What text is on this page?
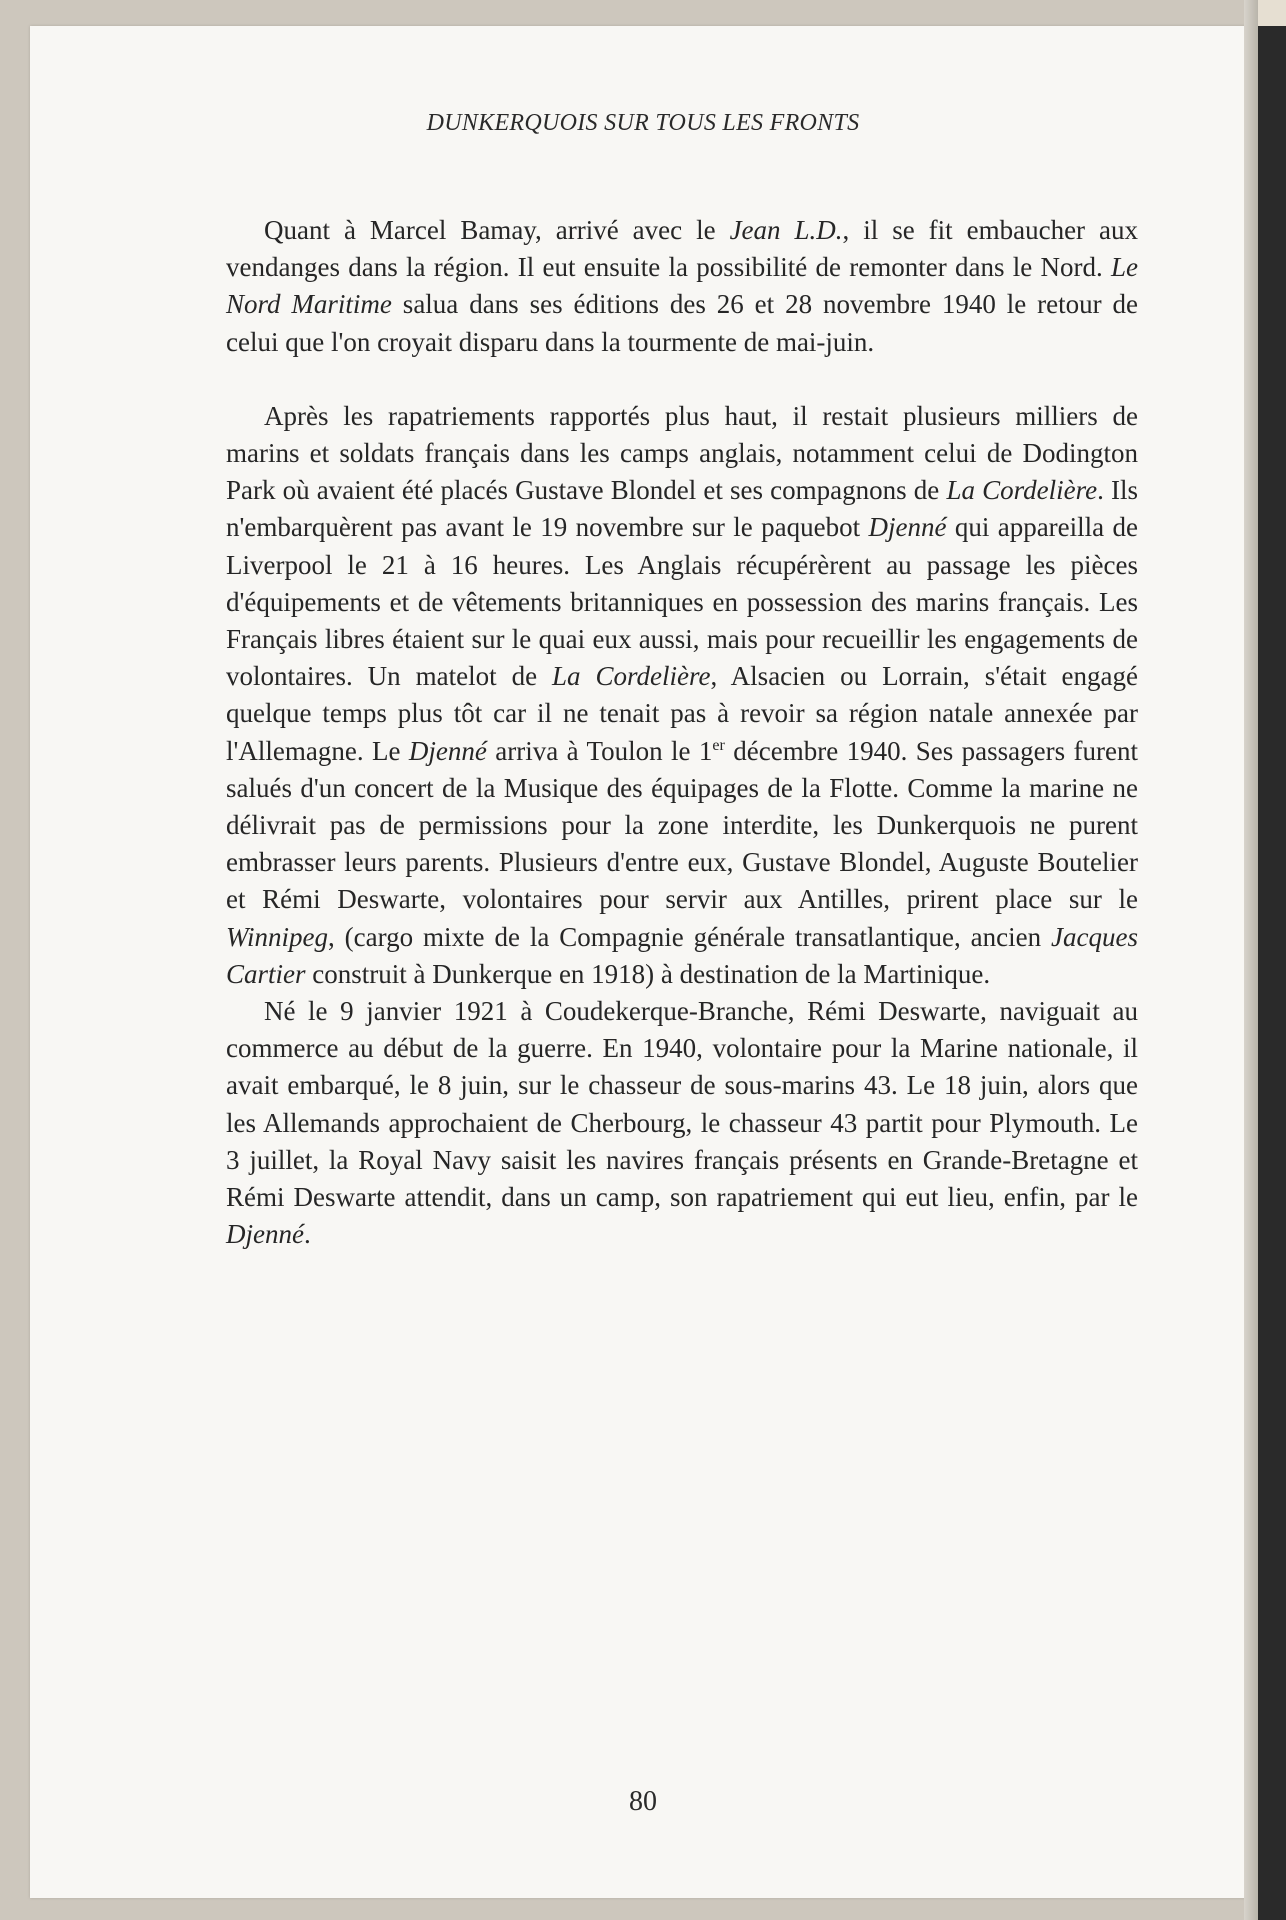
DUNKERQUOIS SUR TOUS LES FRONTS

Quant à Marcel Bamay, arrivé avec le Jean L.D., il se fit embaucher aux vendanges dans la région. Il eut ensuite la possibilité de remonter dans le Nord. Le Nord Maritime salua dans ses éditions des 26 et 28 novembre 1940 le retour de celui que l'on croyait disparu dans la tourmente de mai-juin.

Après les rapatriements rapportés plus haut, il restait plusieurs milliers de marins et soldats français dans les camps anglais, notamment celui de Dodington Park où avaient été placés Gustave Blondel et ses compagnons de La Cordelière. Ils n'embarquèrent pas avant le 19 novembre sur le paquebot Djenné qui appareilla de Liverpool le 21 à 16 heures. Les Anglais récupérèrent au passage les pièces d'équipements et de vêtements britanniques en possession des marins français. Les Français libres étaient sur le quai eux aussi, mais pour recueillir les engagements de volontaires. Un matelot de La Cordelière, Alsacien ou Lorrain, s'était engagé quelque temps plus tôt car il ne tenait pas à revoir sa région natale annexée par l'Allemagne. Le Djenné arriva à Toulon le 1er décembre 1940. Ses passagers furent salués d'un concert de la Musique des équipages de la Flotte. Comme la marine ne délivrait pas de permissions pour la zone interdite, les Dunkerquois ne purent embrasser leurs parents. Plusieurs d'entre eux, Gustave Blondel, Auguste Boutelier et Rémi Deswarte, volontaires pour servir aux Antilles, prirent place sur le Winnipeg, (cargo mixte de la Compagnie générale transatlantique, ancien Jacques Cartier construit à Dunkerque en 1918) à destination de la Martinique.

Né le 9 janvier 1921 à Coudekerque-Branche, Rémi Deswarte, naviguait au commerce au début de la guerre. En 1940, volontaire pour la Marine nationale, il avait embarqué, le 8 juin, sur le chasseur de sous-marins 43. Le 18 juin, alors que les Allemands approchaient de Cherbourg, le chasseur 43 partit pour Plymouth. Le 3 juillet, la Royal Navy saisit les navires français présents en Grande-Bretagne et Rémi Deswarte attendit, dans un camp, son rapatriement qui eut lieu, enfin, par le Djenné.

80
